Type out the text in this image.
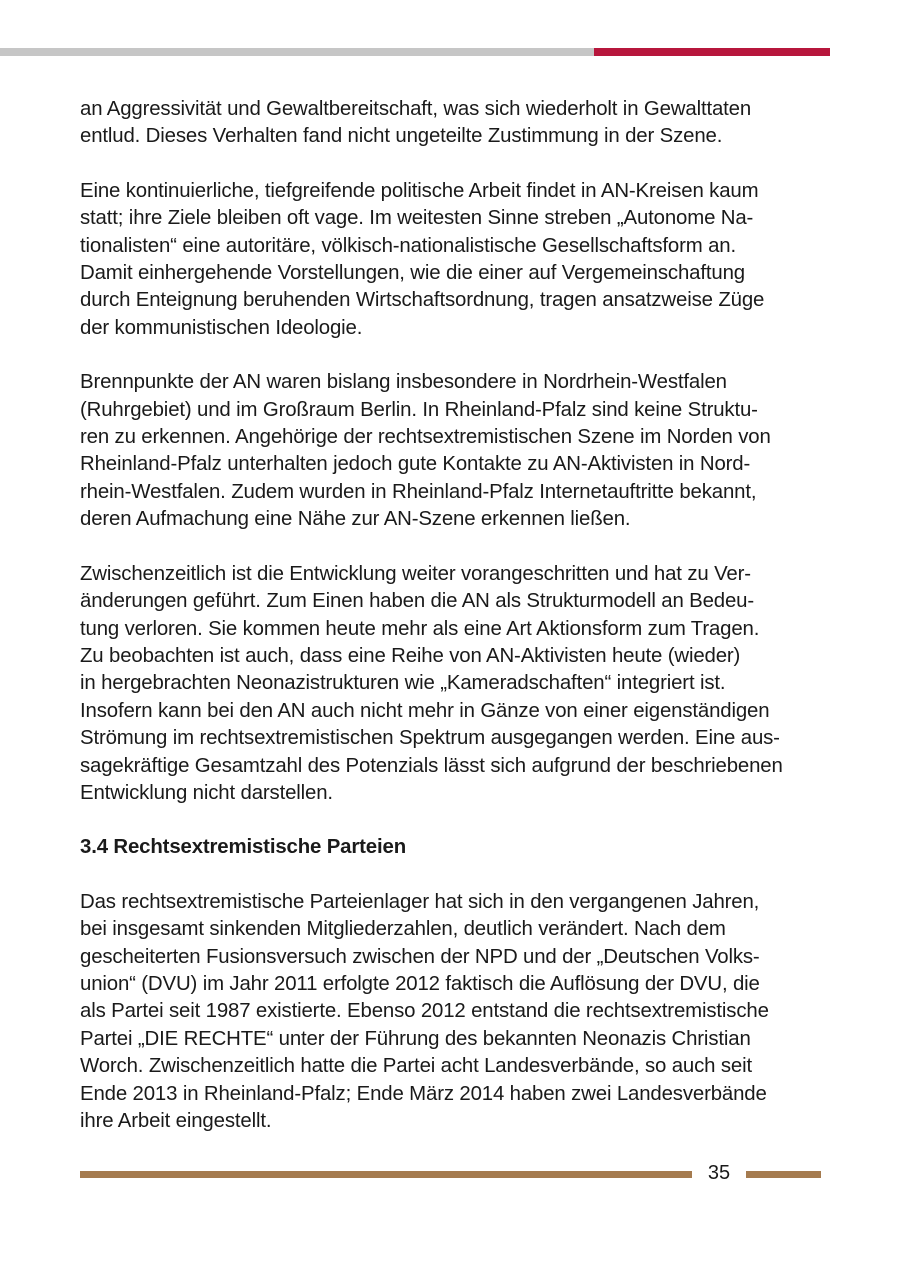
an Aggressivität und Gewaltbereitschaft, was sich wiederholt in Gewalttaten
entlud. Dieses Verhalten fand nicht ungeteilte Zustimmung in der Szene.

Eine kontinuierliche, tiefgreifende politische Arbeit findet in AN-Kreisen kaum
statt; ihre Ziele bleiben oft vage. Im weitesten Sinne streben „Autonome Na-
tionalisten“ eine autoritäre, völkisch-nationalistische Gesellschaftsform an.
Damit einhergehende Vorstellungen, wie die einer auf Vergemeinschaftung
durch Enteignung beruhenden Wirtschaftsordnung, tragen ansatzweise Züge
der kommunistischen Ideologie.

Brennpunkte der AN waren bislang insbesondere in Nordrhein-Westfalen
(Ruhrgebiet) und im Großraum Berlin. In Rheinland-Pfalz sind keine Struktu-
ren zu erkennen. Angehörige der rechtsextremistischen Szene im Norden von
Rheinland-Pfalz unterhalten jedoch gute Kontakte zu AN-Aktivisten in Nord-
rhein-Westfalen. Zudem wurden in Rheinland-Pfalz Internetauftritte bekannt,
deren Aufmachung eine Nähe zur AN-Szene erkennen ließen.

Zwischenzeitlich ist die Entwicklung weiter vorangeschritten und hat zu Ver-
änderungen geführt. Zum Einen haben die AN als Strukturmodell an Bedeu-
tung verloren. Sie kommen heute mehr als eine Art Aktionsform zum Tragen.
Zu beobachten ist auch, dass eine Reihe von AN-Aktivisten heute (wieder)
in hergebrachten Neonazistrukturen wie „Kameradschaften“ integriert ist.
Insofern kann bei den AN auch nicht mehr in Gänze von einer eigenständigen
Strömung im rechtsextremistischen Spektrum ausgegangen werden. Eine aus-
sagekräftige Gesamtzahl des Potenzials lässt sich aufgrund der beschriebenen
Entwicklung nicht darstellen.

3.4 Rechtsextremistische Parteien

Das rechtsextremistische Parteienlager hat sich in den vergangenen Jahren,
bei insgesamt sinkenden Mitgliederzahlen, deutlich verändert. Nach dem
gescheiterten Fusionsversuch zwischen der NPD und der „Deutschen Volks-
union“ (DVU) im Jahr 2011 erfolgte 2012 faktisch die Auflösung der DVU, die
als Partei seit 1987 existierte. Ebenso 2012 entstand die rechtsextremistische
Partei „DIE RECHTE“ unter der Führung des bekannten Neonazis Christian
Worch. Zwischenzeitlich hatte die Partei acht Landesverbände, so auch seit
Ende 2013 in Rheinland-Pfalz; Ende März 2014 haben zwei Landesverbände
ihre Arbeit eingestellt.

35
